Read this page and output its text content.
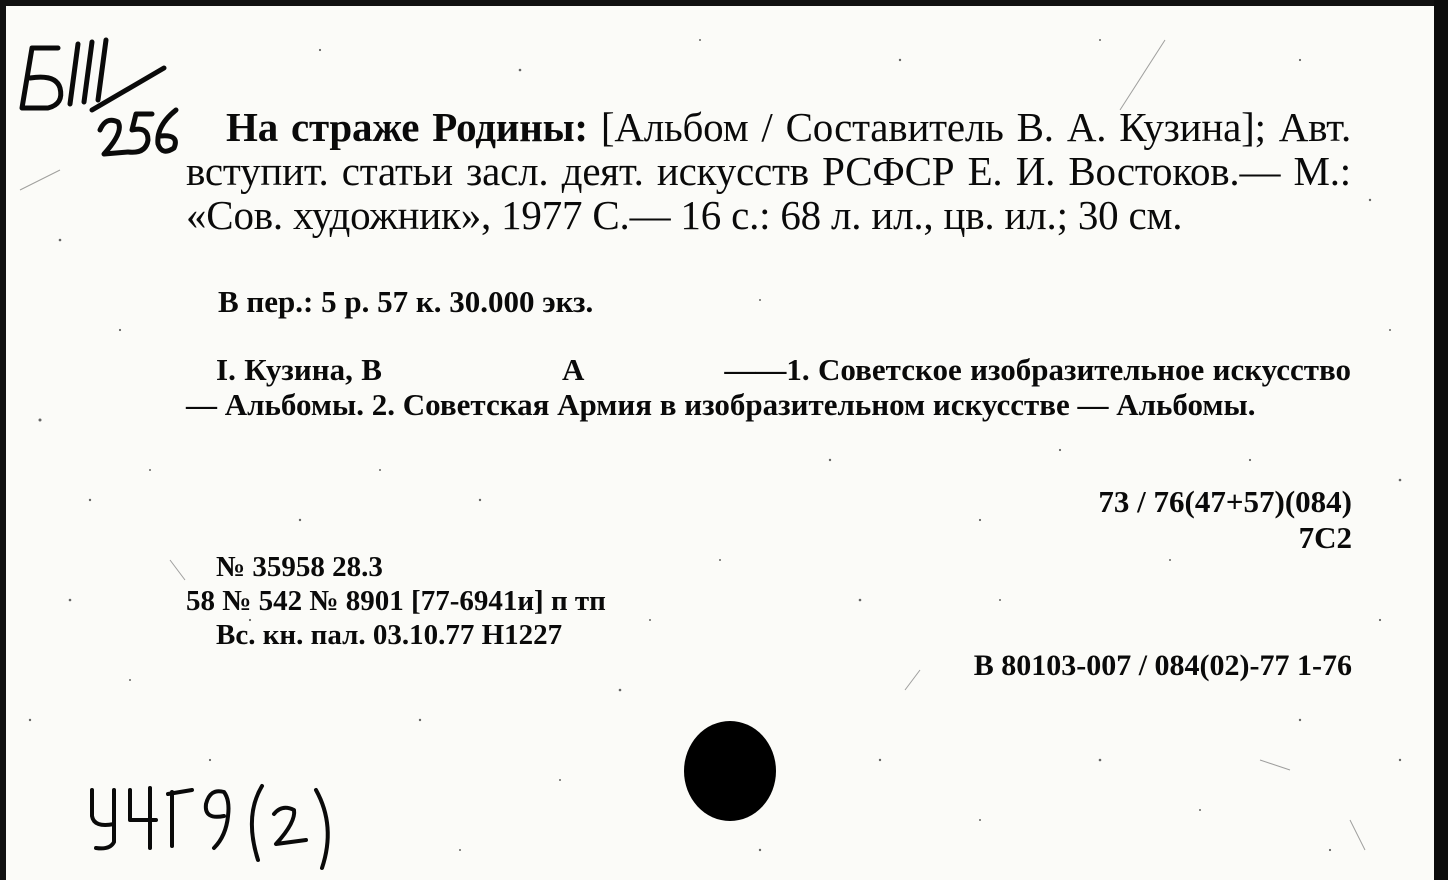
На страже Родины: [Альбом / Составитель В. А. Кузина]; Авт. вступит. статьи засл. деят. искусств РСФСР Е. И. Востоков.— М.: «Сов. художник», 1977 С.— 16 с.: 68 л. ил., цв. ил.; 30 см.
В пер.: 5 р. 57 к. 30.000 экз.
I. Кузина, В	А	——1. Советское изобразительное искусство — Альбомы. 2. Советская Армия в изобразительном искусстве — Альбомы.
73 / 76(47+57)(084)
7С2
№ 35958 28.3
58 № 542 № 8901 [77-6941и] п тп
Вс. кн. пал. 03.10.77 Н1227
В 80103-007 / 084(02)-77 1-76
